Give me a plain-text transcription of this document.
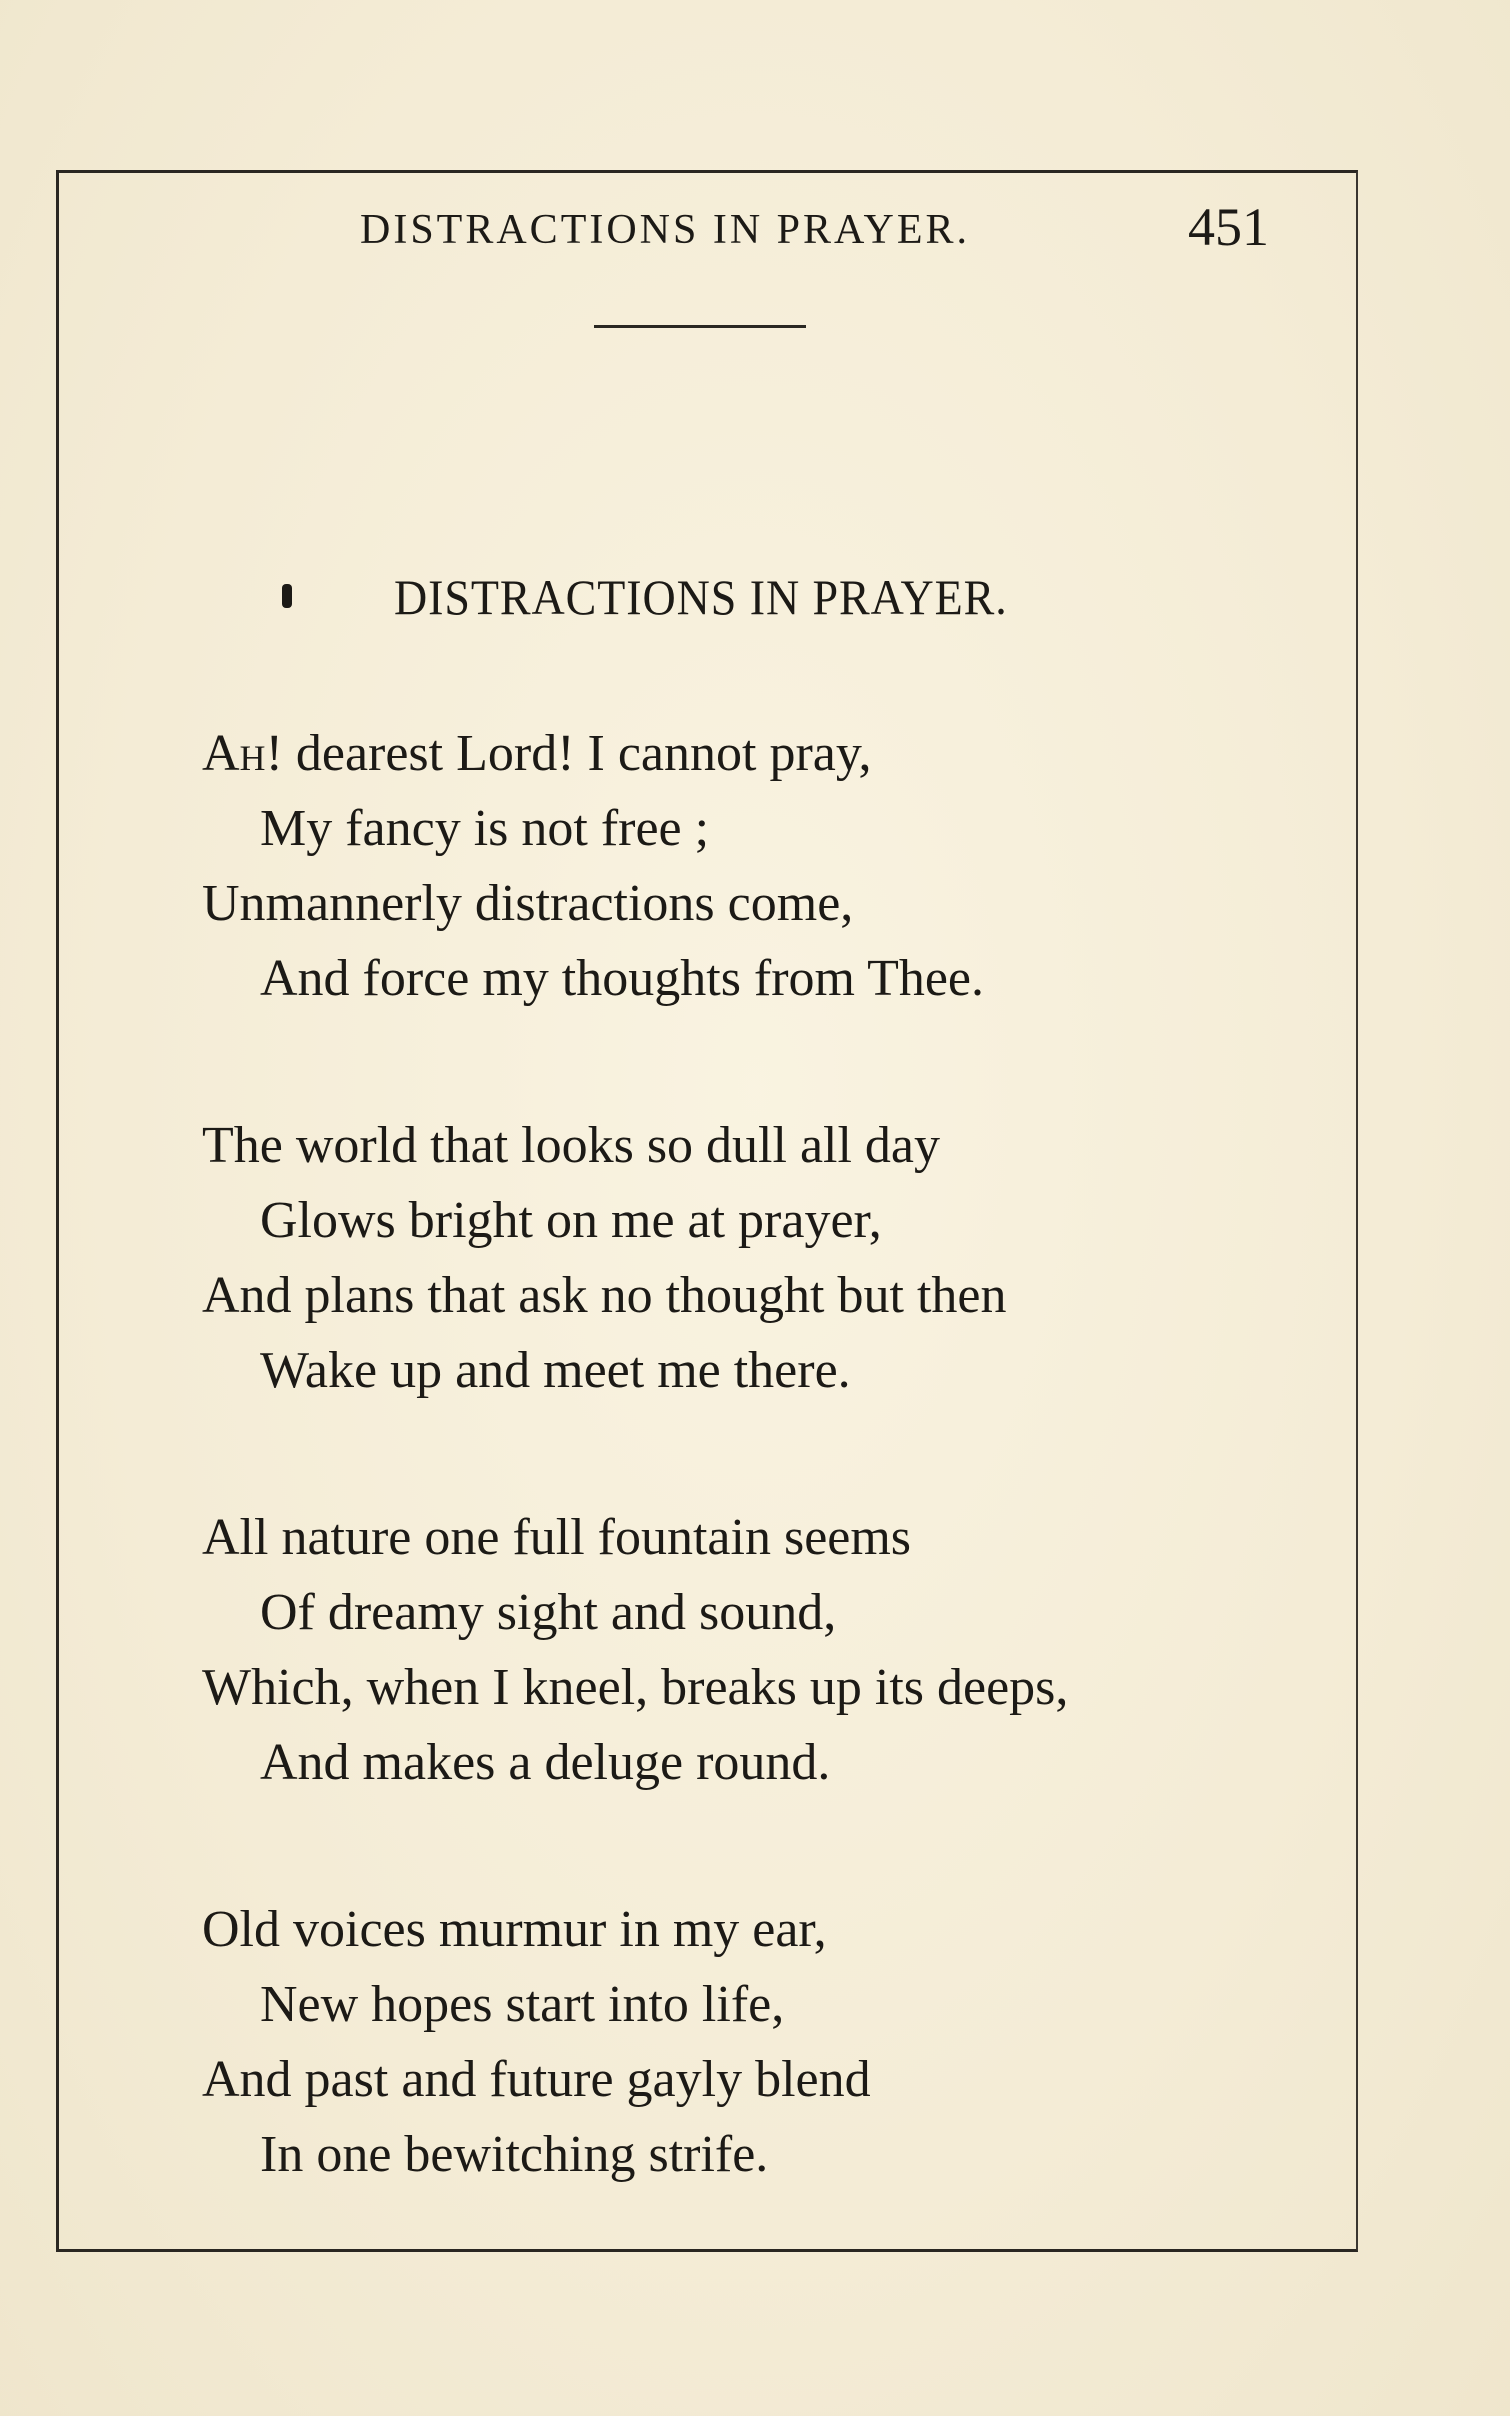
DISTRACTIONS IN PRAYER.	451
DISTRACTIONS IN PRAYER.
Ah! dearest Lord! I cannot pray,
My fancy is not free ;
Unmannerly distractions come,
And force my thoughts from Thee.
The world that looks so dull all day
Glows bright on me at prayer,
And plans that ask no thought but then
Wake up and meet me there.
All nature one full fountain seems
Of dreamy sight and sound,
Which, when I kneel, breaks up its deeps,
And makes a deluge round.
Old voices murmur in my ear,
New hopes start into life,
And past and future gayly blend
In one bewitching strife.
